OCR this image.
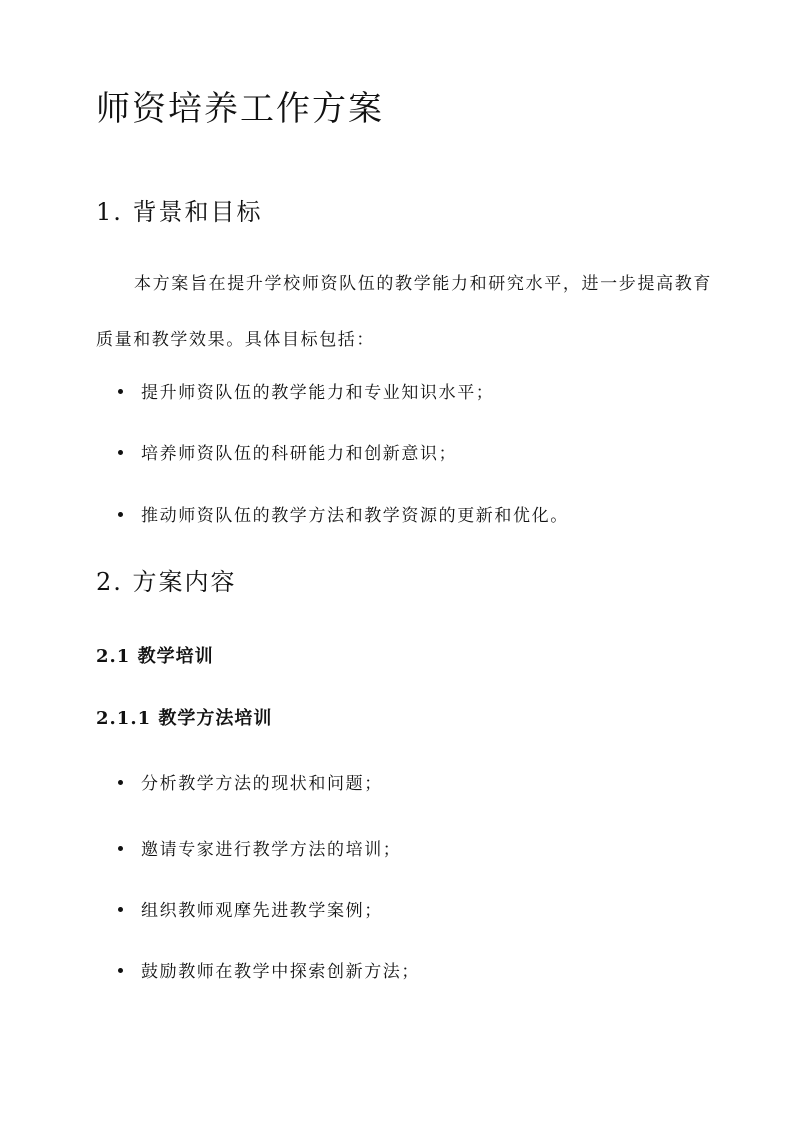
师资培养工作方案
1. 背景和目标

本方案旨在提升学校师资队伍的教学能力和研究水平，进一步提高教育质量和教学效果。具体目标包括：

提升师资队伍的教学能力和专业知识水平；
培养师资队伍的科研能力和创新意识；
推动师资队伍的教学方法和教学资源的更新和优化。
2. 方案内容
2.1 教学培训
2.1.1 教学方法培训
分析教学方法的现状和问题；
邀请专家进行教学方法的培训；
组织教师观摩先进教学案例；
鼓励教师在教学中探索创新方法；
